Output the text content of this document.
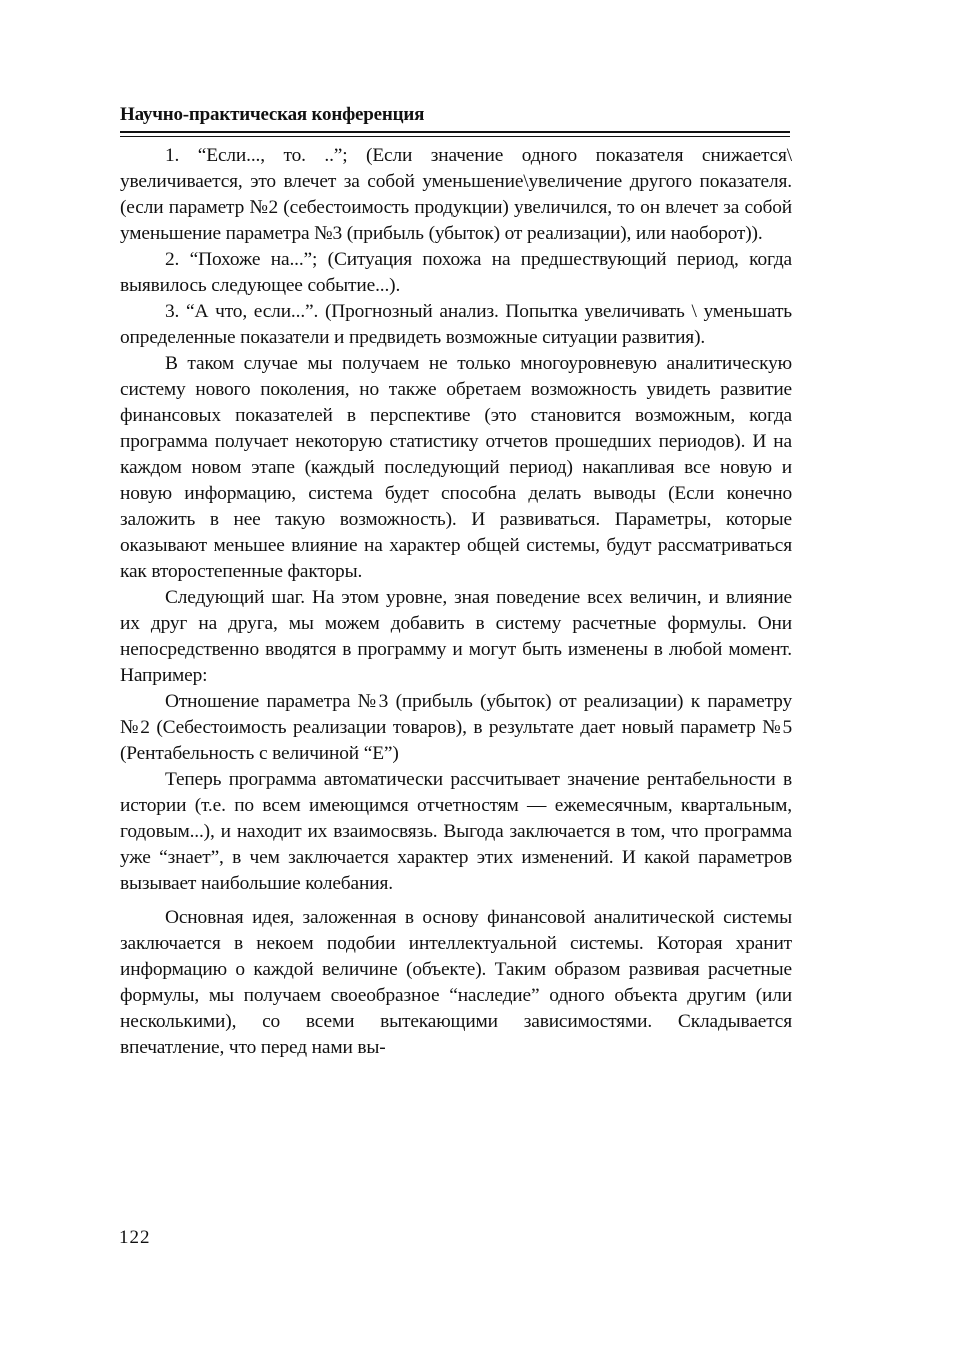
Научно-практическая конференция

1. “Если..., то. ..”; (Если значение одного показателя снижается\ увеличивается, это влечет за собой уменьшение\увеличение другого показателя. (если параметр №2 (себестоимость продукции) увеличился, то он влечет за собой уменьшение параметра №3 (прибыль (убыток) от реализации), или наоборот)).

2. “Похоже на...”; (Ситуация похожа на предшествующий период, когда выявилось следующее событие...).

3. “А что, если...”. (Прогнозный анализ. Попытка увеличивать \ уменьшать определенные показатели и предвидеть возможные ситуации развития).

В таком случае мы получаем не только многоуровневую аналитическую систему нового поколения, но также обретаем возможность увидеть развитие финансовых показателей в перспективе (это становится возможным, когда программа получает некоторую статистику отчетов прошедших периодов). И на каждом новом этапе (каждый последующий период) накапливая все новую и новую информацию, система будет способна делать выводы (Если конечно заложить в нее такую возможность). И развиваться. Параметры, которые оказывают меньшее влияние на характер общей системы, будут рассматриваться как второстепенные факторы.

Следующий шаг. На этом уровне, зная поведение всех величин, и влияние их друг на друга, мы можем добавить в систему расчетные формулы. Они непосредственно вводятся в программу и могут быть изменены в любой момент. Например:

Отношение параметра №3 (прибыль (убыток) от реализации) к параметру №2 (Себестоимость реализации товаров), в результате дает новый параметр №5 (Рентабельность с величиной “Е”)

Теперь программа автоматически рассчитывает значение рентабельности в истории (т.е. по всем имеющимся отчетностям — ежемесячным, квартальным, годовым...), и находит их взаимосвязь. Выгода заключается в том, что программа уже “знает”, в чем заключается характер этих изменений. И какой параметров вызывает наибольшие колебания.

Основная идея, заложенная в основу финансовой аналитической системы заключается в некоем подобии интеллектуальной системы. Которая хранит информацию о каждой величине (объекте). Таким образом развивая расчетные формулы, мы получаем своеобразное “наследие” одного объекта другим (или несколькими), со всеми вытекающими зависимостями. Складывается впечатление, что перед нами вы-

122
